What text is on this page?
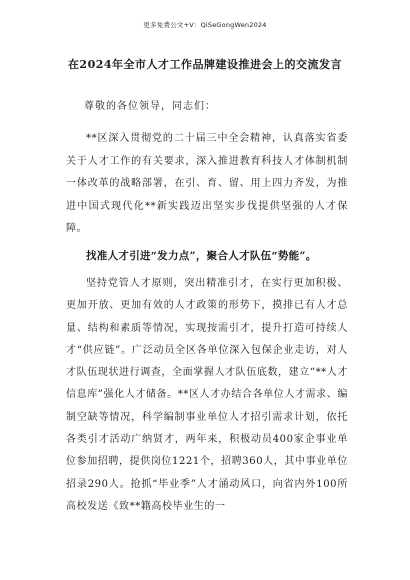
更多免费公文+V：QiSeGongWen2024
在2024年全市人才工作品牌建设推进会上的交流发言
尊敬的各位领导，同志们：

**区深入贯彻党的二十届三中全会精神，认真落实省委关于人才工作的有关要求，深入推进教育科技人才体制机制一体改革的战略部署，在引、育、留、用上四力齐发，为推进中国式现代化**新实践迈出坚实步伐提供坚强的人才保障。

找准人才引进“发力点”，聚合人才队伍“势能”。

坚持党管人才原则，突出精准引才，在实行更加积极、更加开放、更加有效的人才政策的形势下，摸排已有人才总量、结构和素质等情况，实现按需引才，提升打造可持续人才“供应链”。广泛动员全区各单位深入包保企业走访，对人才队伍现状进行调查，全面掌握人才队伍底数，建立“**人才信息库”强化人才储备。**区人才办结合各单位人才需求、编制空缺等情况，科学编制事业单位人才招引需求计划，依托各类引才活动广纳贤才，两年来，积极动员400家企事业单位参加招聘，提供岗位1221个，招聘360人，其中事业单位招录290人。抢抓“毕业季”人才涌动风口，向省内外100所高校发送《致**籍高校毕业生的一
